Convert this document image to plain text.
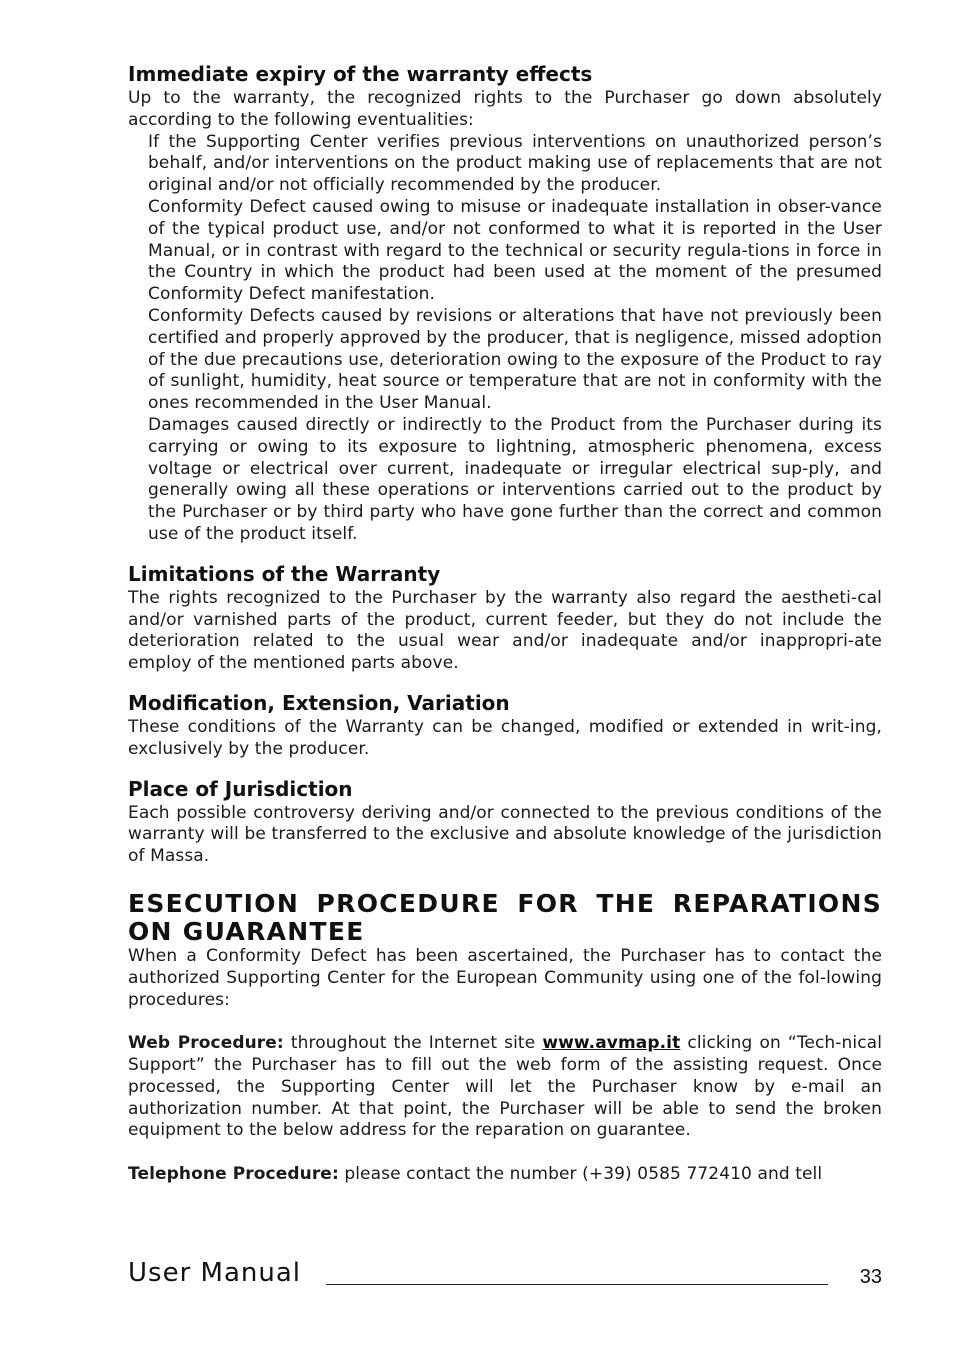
Immediate expiry of the warranty effects

Up to the warranty, the recognized rights to the Purchaser go down absolutely according to the following eventualities:

If the Supporting Center verifies previous interventions on unauthorized person’s behalf, and/or interventions on the product making use of replacements that are not original and/or not officially recommended by the producer.

Conformity Defect caused owing to misuse or inadequate installation in obser-vance of the typical product use, and/or not conformed to what it is reported in the User Manual, or in contrast with regard to the technical or security regula-tions in force in the Country in which the product had been used at the moment of the presumed Conformity Defect manifestation.

Conformity Defects caused by revisions or alterations that have not previously been certified and properly approved by the producer, that is negligence, missed adoption of the due precautions use, deterioration owing to the exposure of the Product to ray of sunlight, humidity, heat source or temperature that are not in conformity with the ones recommended in the User Manual.

Damages caused directly or indirectly to the Product from the Purchaser during its carrying or owing to its exposure to lightning, atmospheric phenomena, excess voltage or electrical over current, inadequate or irregular electrical sup-ply, and generally owing all these operations or interventions carried out to the product by the Purchaser or by third party who have gone further than the correct and common use of the product itself.

Limitations of the Warranty

The rights recognized to the Purchaser by the warranty also regard the aestheti-cal and/or varnished parts of the product, current feeder, but they do not include the deterioration related to the usual wear and/or inadequate and/or inappropri-ate employ of the mentioned parts above.

Modification, Extension, Variation

These conditions of the Warranty can be changed, modified or extended in writ-ing, exclusively by the producer.

Place of Jurisdiction

Each possible controversy deriving and/or connected to the previous conditions of the warranty will be transferred to the exclusive and absolute knowledge of the jurisdiction of Massa.

ESECUTION PROCEDURE FOR THE REPARATIONS ON GUARANTEE

When a Conformity Defect has been ascertained, the Purchaser has to contact the authorized Supporting Center for the European Community using one of the fol-lowing procedures:

Web Procedure: throughout the Internet site www.avmap.it clicking on “Tech-nical Support” the Purchaser has to fill out the web form of the assisting request. Once processed, the Supporting Center will let the Purchaser know by e-mail an authorization number. At that point, the Purchaser will be able to send the broken equipment to the below address for the reparation on guarantee.

Telephone Procedure: please contact the number (+39) 0585 772410 and tell

User Manual	33
